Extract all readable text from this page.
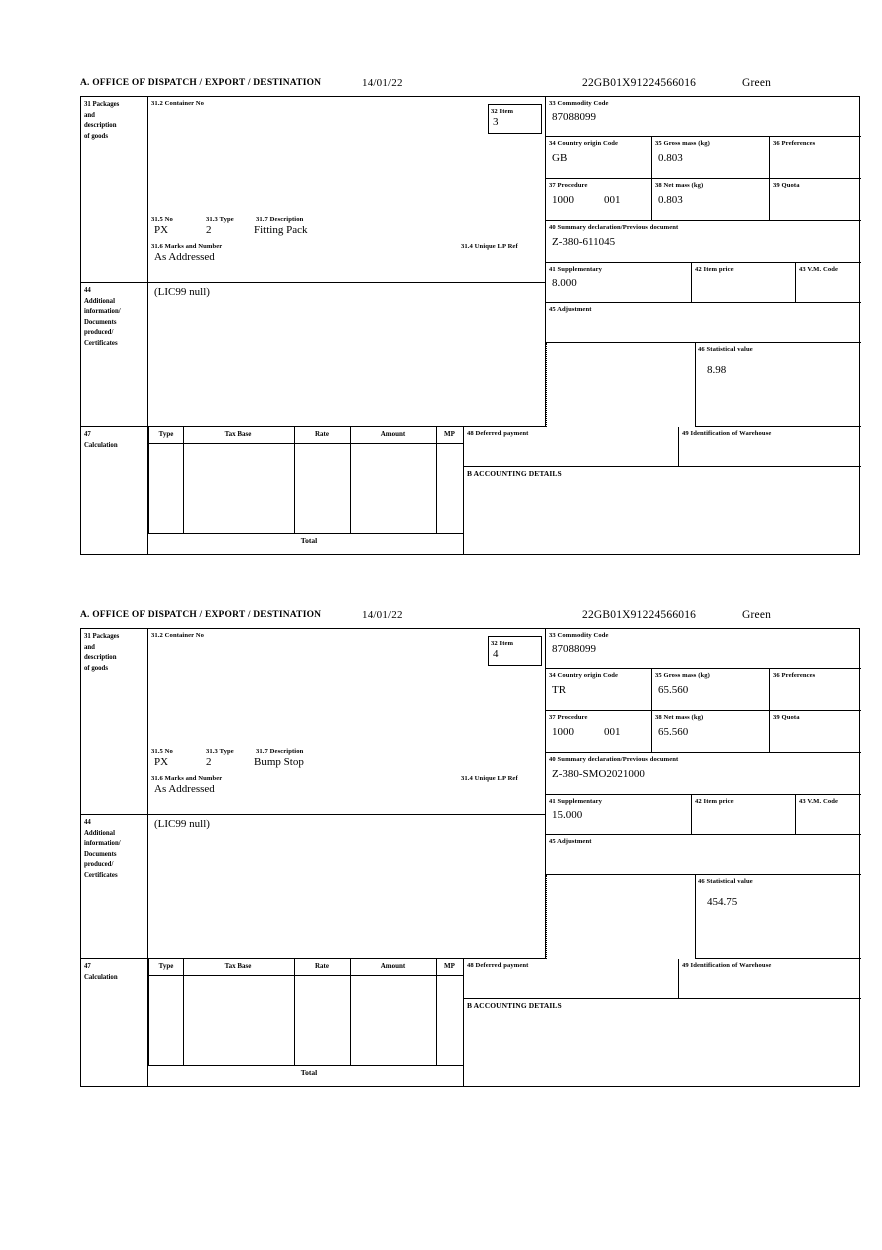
A. OFFICE OF DISPATCH / EXPORT / DESTINATION	14/01/22	22GB01X91224566016	Green
31 Packages
and
description
of goods
31.2 Container No
31.5 No	31.3 Type	31.7 Description
PX	2	Fitting Pack
31.6 Marks and Number	31.4 Unique LP Ref
As Addressed
32 Item
3
33 Commodity Code
87088099
34 Country origin Code
GB
35 Gross mass (kg)
0.803
36 Preferences
37 Procedure
1000	001
38 Net mass (kg)
0.803
39 Quota
40 Summary declaration/Previous document
Z-380-611045
41 Supplementary
8.000
42 Item price	43 V.M. Code
44
Additional
information/
Documents
produced/
Certificates
(LIC99 null)
45 Adjustment
46 Statistical value
8.98
47
Calculation
Type	Tax Base	Rate	Amount	MP
Total
48 Deferred payment	49 Identification of Warehouse
B ACCOUNTING DETAILS
A. OFFICE OF DISPATCH / EXPORT / DESTINATION	14/01/22	22GB01X91224566016	Green
31 Packages
and
description
of goods
31.2 Container No
31.5 No	31.3 Type	31.7 Description
PX	2	Bump Stop
31.6 Marks and Number	31.4 Unique LP Ref
As Addressed
32 Item
4
33 Commodity Code
87088099
34 Country origin Code
TR
35 Gross mass (kg)
65.560
36 Preferences
37 Procedure
1000	001
38 Net mass (kg)
65.560
39 Quota
40 Summary declaration/Previous document
Z-380-SMO2021000
41 Supplementary
15.000
42 Item price	43 V.M. Code
44
Additional
information/
Documents
produced/
Certificates
(LIC99 null)
45 Adjustment
46 Statistical value
454.75
47
Calculation
Type	Tax Base	Rate	Amount	MP
Total
48 Deferred payment	49 Identification of Warehouse
B ACCOUNTING DETAILS
